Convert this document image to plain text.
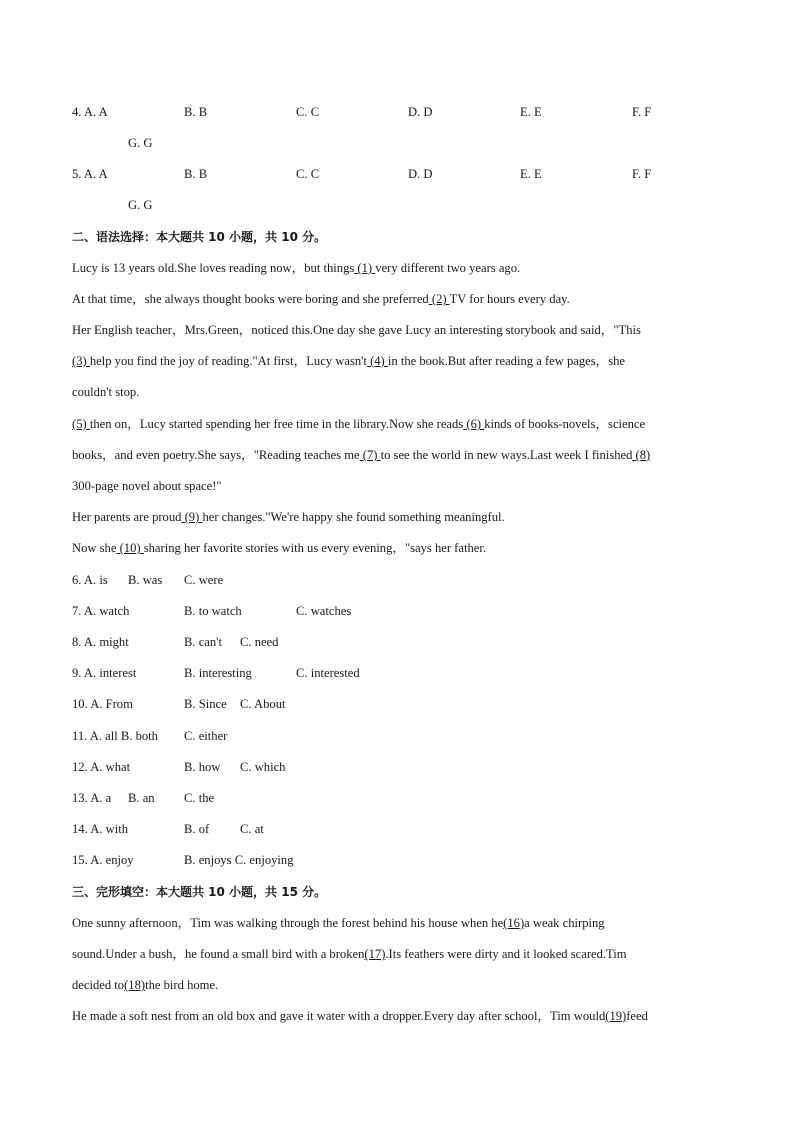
4. A. A	B. B	C. C	D. D	E. E	F. F
G. G
5. A. A	B. B	C. C	D. D	E. E	F. F
G. G
二、语法选择：本大题共 10 小题，共 10 分。
Lucy is 13 years old.She loves reading now，but things (1) very different two years ago.
At that time，she always thought books were boring and she preferred (2) TV for hours every day.
Her English teacher，Mrs.Green，noticed this.One day she gave Lucy an interesting storybook and said，"This
(3) help you find the joy of reading."At first，Lucy wasn't (4) in the book.But after reading a few pages，she
couldn't stop.
(5) then on，Lucy started spending her free time in the library.Now she reads (6) kinds of books-novels，science
books，and even poetry.She says，"Reading teaches me (7) to see the world in new ways.Last week I finished (8)
300-page novel about space!"
Her parents are proud (9) her changes."We're happy she found something meaningful.
Now she (10) sharing her favorite stories with us every evening，"says her father.
6. A. is B. was C. were
7. A. watch	B. to watch	C. watches
8. A. might	B. can't C. need
9. A. interest	B. interesting	C. interested
10. A. From	B. Since C. About
11. A. all B. both C. either
12. A. what	B. how C. which
13. A. a B. an C. the
14. A. with	B. of C. at
15. A. enjoy	B. enjoys C. enjoying
三、完形填空：本大题共 10 小题，共 15 分。
One sunny afternoon，Tim was walking through the forest behind his house when he(16)a weak chirping
sound.Under a bush，he found a small bird with a broken(17).Its feathers were dirty and it looked scared.Tim
decided to(18)the bird home.
He made a soft nest from an old box and gave it water with a dropper.Every day after school，Tim would(19)feed
